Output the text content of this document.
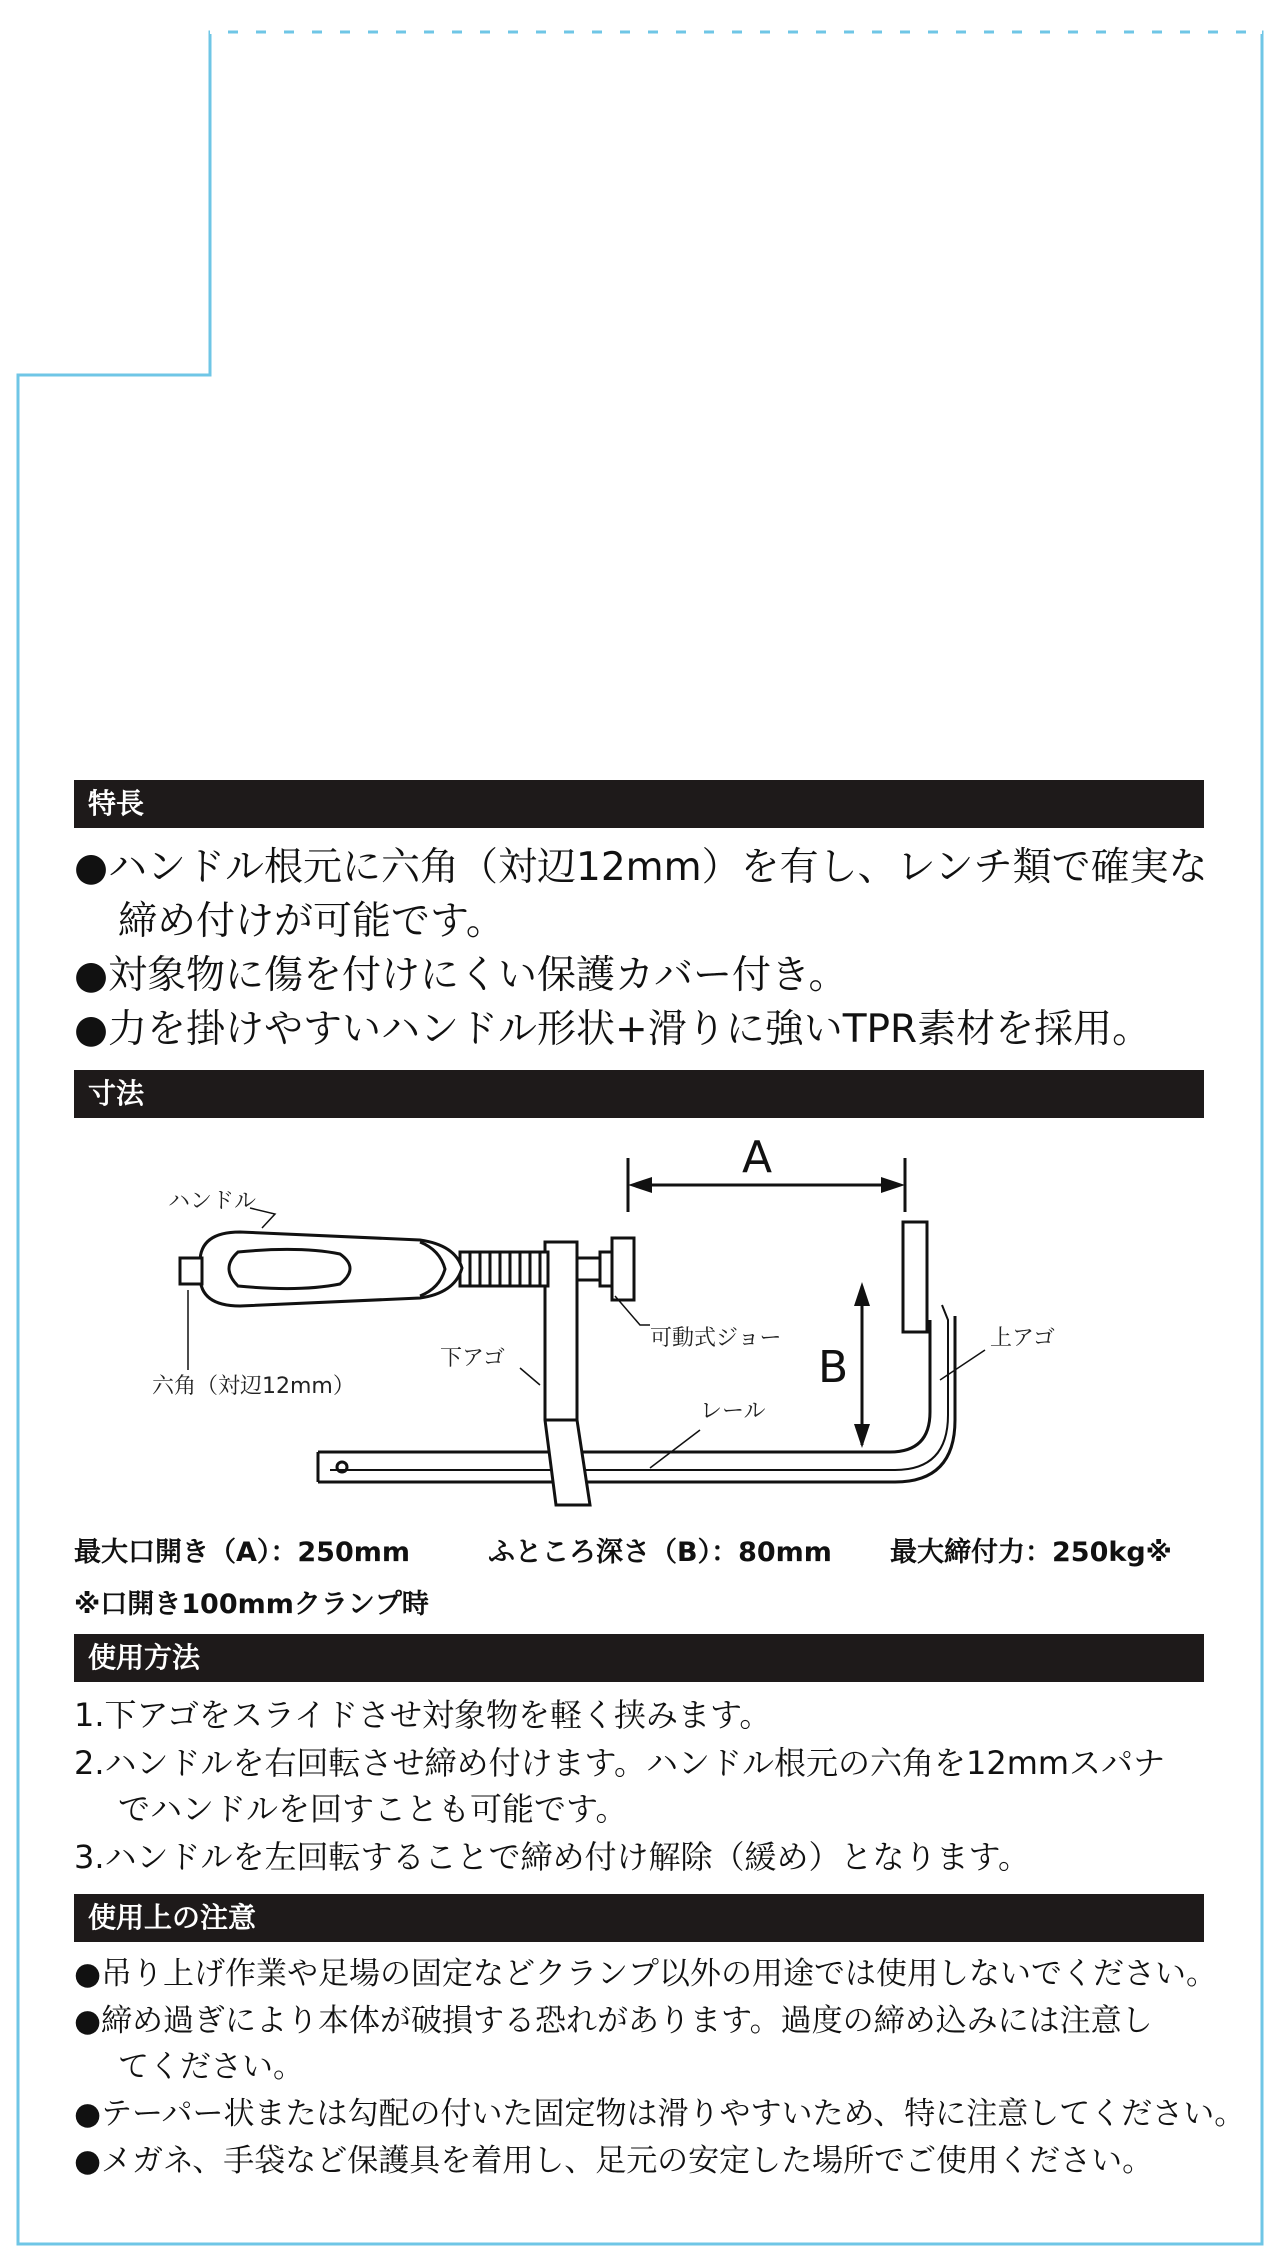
特長
●ハンドル根元に六角（対辺12mm）を有し、レンチ類で確実な
締め付けが可能です。
●対象物に傷を付けにくい保護カバー付き。
●力を掛けやすいハンドル形状+滑りに強いTPR素材を採用。
寸法
ハンドル
六角（対辺12mm）
下アゴ
可動式ジョー
レール
上アゴ
A
B
最大口開き（A）：250mm	ふところ深さ（B）：80mm 最大締付力：250kg※
※口開き100mmクランプ時
使用方法
1.下アゴをスライドさせ対象物を軽く挟みます。
2.ハンドルを右回転させ締め付けます。ハンドル根元の六角を12mmスパナ
でハンドルを回すことも可能です。
3.ハンドルを左回転することで締め付け解除（緩め）となります。
使用上の注意
●吊り上げ作業や足場の固定などクランプ以外の用途では使用しないでください。
●締め過ぎにより本体が破損する恐れがあります。過度の締め込みには注意し
てください。
●テーパー状または勾配の付いた固定物は滑りやすいため、特に注意してください。
●メガネ、手袋など保護具を着用し、足元の安定した場所でご使用ください。
